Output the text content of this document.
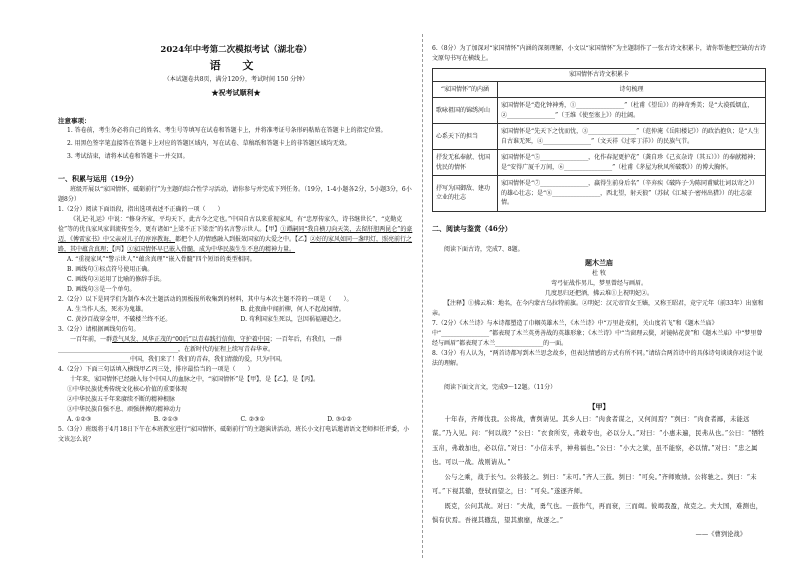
2024年中考第二次模拟考试（湖北卷）

语 文

（本试题卷共8页，满分120分，考试时间 150 分钟）

★祝考试顺利★

注意事项：

1. 答卷前，考生务必将自己的姓名、考生号等填写在试卷和答题卡上，并将准考证号条形码粘贴在答题卡上的指定位置。

2. 用黑色签字笔直接答在答题卡上对应的答题区域内，写在试卷、草稿纸和答题卡上的非答题区域均无效。

3. 考试结束，请将本试卷和答题卡一并交回。

一、积累与运用（19分）

班级开展以“家国情怀，砥砺前行”为主题的综合性学习活动，请你参与并完成下列任务。（19分，1-4小题各2分，5小题3分，6小题8分）

1.（2分）阅读下面语段，指出选项表述不正确的一项（　　）

《礼记·礼运》中说：“修身齐家，平均天下，此古今之定也。”中国自古以来重视家风，有“忠厚传家久，诗书继世长”、“克勤克俭”等的优良家风家训流传至今，更有诸如“上梁不正下梁歪”的名言警示世人。【甲】①谭嗣同“我自横刀向天笑，去留肝胆两昆仑”的豪迈，《傅雷家书》中父亲对儿子的谆谆教诲，都把个人的情感融入到报效国家的大爱之中。【乙】②好的家风如同一盏明灯，照亮前行之路，其中蕴含真理；【丙】③家国情怀早已嵌入骨髓，成为中华民族生生不息的精神力量。

A. “重视家风”“警示世人”“蕴含真理”“嵌入骨髓”四个短语的类型相同。

B. 画线句①标点符号使用正确。

C. 画线句②运用了比喻的修辞手法。

D. 画线句③是一个单句。

2.（2分）以下是同学们为制作本次主题活动的黑板报所收集到的材料，其中与本次主题不符的一项是（　　）。

A. 生当作人杰，死亦为鬼雄。	B. 此夜曲中闻折柳，何人不起故园情。
C. 黄沙百战穿金甲，不破楼兰终不还。	D. 苟利国家生死以，岂因祸福避趋之。

3.（2分）请根据画线句仿句。

一百年前，一群意气风发、风华正茂的“00后”以青春践行信仰，守护着中国；一百年后，有我们，一群________________________________________，在新时代的征程上续写青春华章。

____________________中国，我们来了！我们的青春，我们清澈的爱，只为中国。

4.（2分）下面三句话填入横线甲乙丙三处，排序最恰当的一项是（　　）

十年来，家国情怀已经融入每个中国人的血脉之中，“家国情怀”是【甲】，是【乙】，是【丙】。

①中华民族优秀传统文化核心价值的重要体现

②中华民族五千年来赓续不断的精神根脉

③中华民族自强不息、顽强拼搏的精神动力

A. ①②③	B. ②①③	C. ②③①	D. ③①②

5.（3分）班级将于4月18日下午在本班教室进行“家国情怀，砥砺前行”的主题演讲活动，班长小文打电话邀请语文老师担任评委，小文该怎么说？

6.（8分）为了加深对“家国情怀”内涵的深刻理解，小文以“家国情怀”为主题制作了一张古诗文积累卡，请你帮他把空缺的古诗文原句书写在横线上。

家国情怀古诗文积累卡	
“家国情怀”的内涵	诗句梳理
歌咏祖国的锦绣河山	家国情怀是“造化钟神秀，①________________”（杜甫《望岳》）的神奇秀美；是“大漠孤烟直，②________________”（王维《使至塞上》）的壮阔。
心系天下的担当	家国情怀是“先天下之忧而忧，③________________”（范仲淹《岳阳楼记》）的政治抱负；是“人生自古谁无死，④________________”（文天祥《过零丁洋》）的民族气节。
抒发无私奉献、忧国忧民的情怀	家国情怀是“⑤________________，化作春泥更护花”（龚自珍《己亥杂诗（其五）》）的奉献精神；是“安得广厦千万间，⑥________________”（杜甫《茅屋为秋风所破歌》）的博大胸怀。
抒写为国御敌、建功立业的壮志	家国情怀是“⑦________________，赢得生前身后名”（辛弃疾《破阵子·为陈同甫赋壮词以寄之》）的雄心壮志；是“⑧________________，西北望，射天狼”（苏轼《江城子·密州出猎》）的壮志豪情。

二、阅读与鉴赏（46分）

阅读下面古诗，完成7、8题。

题木兰庙

杜 牧

弯弓征战作男儿，梦里曾经与画眉。

几度思归还把酒，拂云堆①上祝明妃②。

【注释】①拂云堆：地名，在今内蒙古乌拉特前旗。②明妃：汉元帝宫女王嫱，又称王昭君，竟宁元年（前33年）出塞和亲。

7.（2分）《木兰诗》与本诗都塑造了巾帼英雄木兰，《木兰诗》中“万里赴戎机，关山度若飞”和《题木兰庙》中“________________”都表现了木兰英勇善战的英雄形象；《木兰诗》中“当窗理云鬓，对镜帖花黄”和《题木兰庙》中“梦里曾经与画眉”都表现了木兰________________的一面。

8.（3分）有人认为，“两首诗都写到木兰思念故乡，但表达情感的方式有所不同。”请结合两首诗中的具体诗句谈谈你对这个说法的理解。

阅读下面文言文，完成9～12题。（11分）

【甲】

十年春，齐师伐我。公将战，曹刿请见。其乡人曰：“肉食者谋之，又何间焉？”刿曰：“肉食者鄙，未能远谋。”乃入见。问：“何以战？”公曰：“衣食所安，弗敢专也，必以分人。”对曰：“小惠未遍，民弗从也。”公曰：“牺牲玉帛，弗敢加也，必以信。”对曰：“小信未孚，神弗福也。”公曰：“小大之狱，虽不能察，必以情。”对曰：“忠之属也。可以一战。战则请从。”

公与之乘，战于长勺。公将鼓之。刿曰：“未可。”齐人三鼓。刿曰：“可矣。”齐师败绩。公将驰之。刿曰：“未可。”下视其辙，登轼而望之，曰：“可矣。”遂逐齐师。

既克，公问其故。对曰：“夫战，勇气也。一鼓作气，再而衰，三而竭。彼竭我盈，故克之。夫大国，难测也，惧有伏焉。吾视其辙乱，望其旗靡，故逐之。”

——《曹刿论战》
